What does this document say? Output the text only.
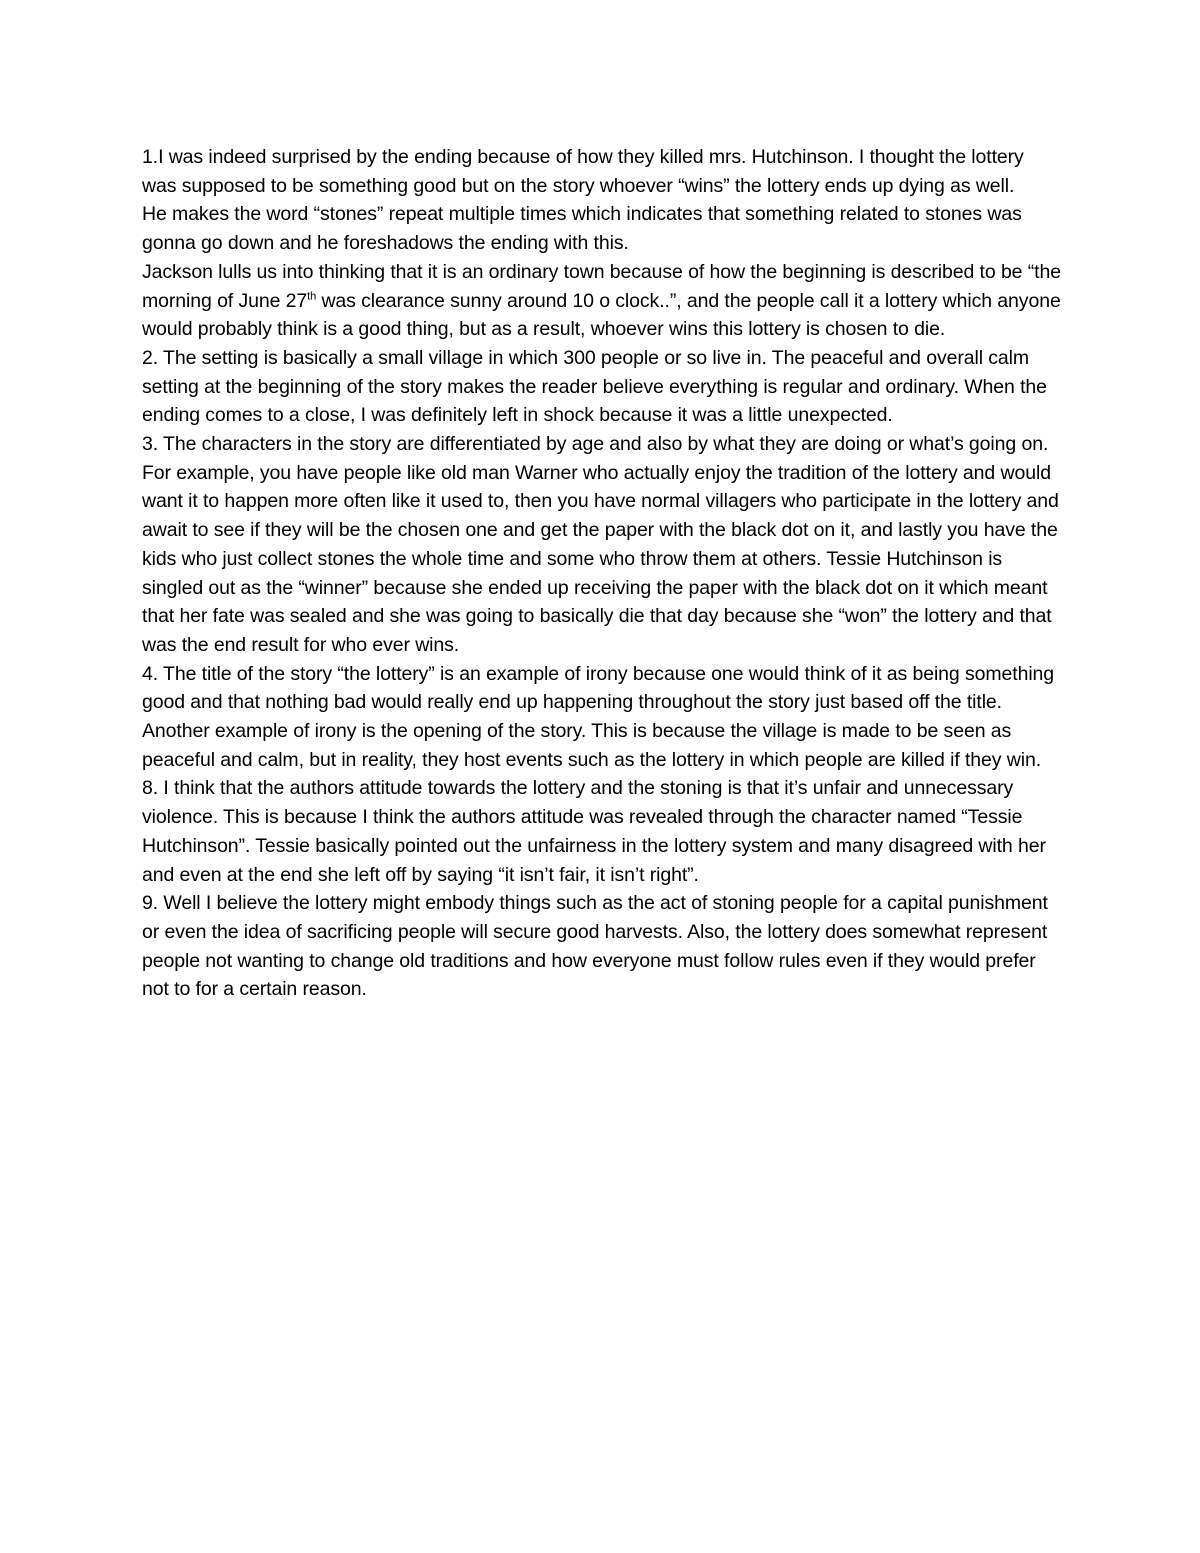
1.I was indeed surprised by the ending because of how they killed mrs. Hutchinson. I thought the lottery was supposed to be something good but on the story whoever “wins” the lottery ends up dying as well.

He makes the word “stones” repeat multiple times which indicates that something related to stones was gonna go down and he foreshadows the ending with this.

Jackson lulls us into thinking that it is an ordinary town because of how the beginning is described to be “the morning of June 27th was clearance sunny around 10 o clock..”, and the people call it a lottery which anyone would probably think is a good thing, but as a result, whoever wins this lottery is chosen to die.

2. The setting is basically a small village in which 300 people or so live in. The peaceful and overall calm setting at the beginning of the story makes the reader believe everything is regular and ordinary. When the ending comes to a close, I was definitely left in shock because it was a little unexpected.

3. The characters in the story are differentiated by age and also by what they are doing or what’s going on. For example, you have people like old man Warner who actually enjoy the tradition of the lottery and would want it to happen more often like it used to, then you have normal villagers who participate in the lottery and await to see if they will be the chosen one and get the paper with the black dot on it, and lastly you have the kids who just collect stones the whole time and some who throw them at others. Tessie Hutchinson is singled out as the “winner” because she ended up receiving the paper with the black dot on it which meant that her fate was sealed and she was going to basically die that day because she “won” the lottery and that was the end result for who ever wins.

4. The title of the story “the lottery” is an example of irony because one would think of it as being something good and that nothing bad would really end up happening throughout the story just based off the title. Another example of irony is the opening of the story. This is because the village is made to be seen as peaceful and calm, but in reality, they host events such as the lottery in which people are killed if they win.

8. I think that the authors attitude towards the lottery and the stoning is that it’s unfair and unnecessary violence. This is because I think the authors attitude was revealed through the character named “Tessie Hutchinson”. Tessie basically pointed out the unfairness in the lottery system and many disagreed with her and even at the end she left off by saying “it isn’t fair, it isn’t right”.

9. Well I believe the lottery might embody things such as the act of stoning people for a capital punishment or even the idea of sacrificing people will secure good harvests. Also, the lottery does somewhat represent people not wanting to change old traditions and how everyone must follow rules even if they would prefer not to for a certain reason.
